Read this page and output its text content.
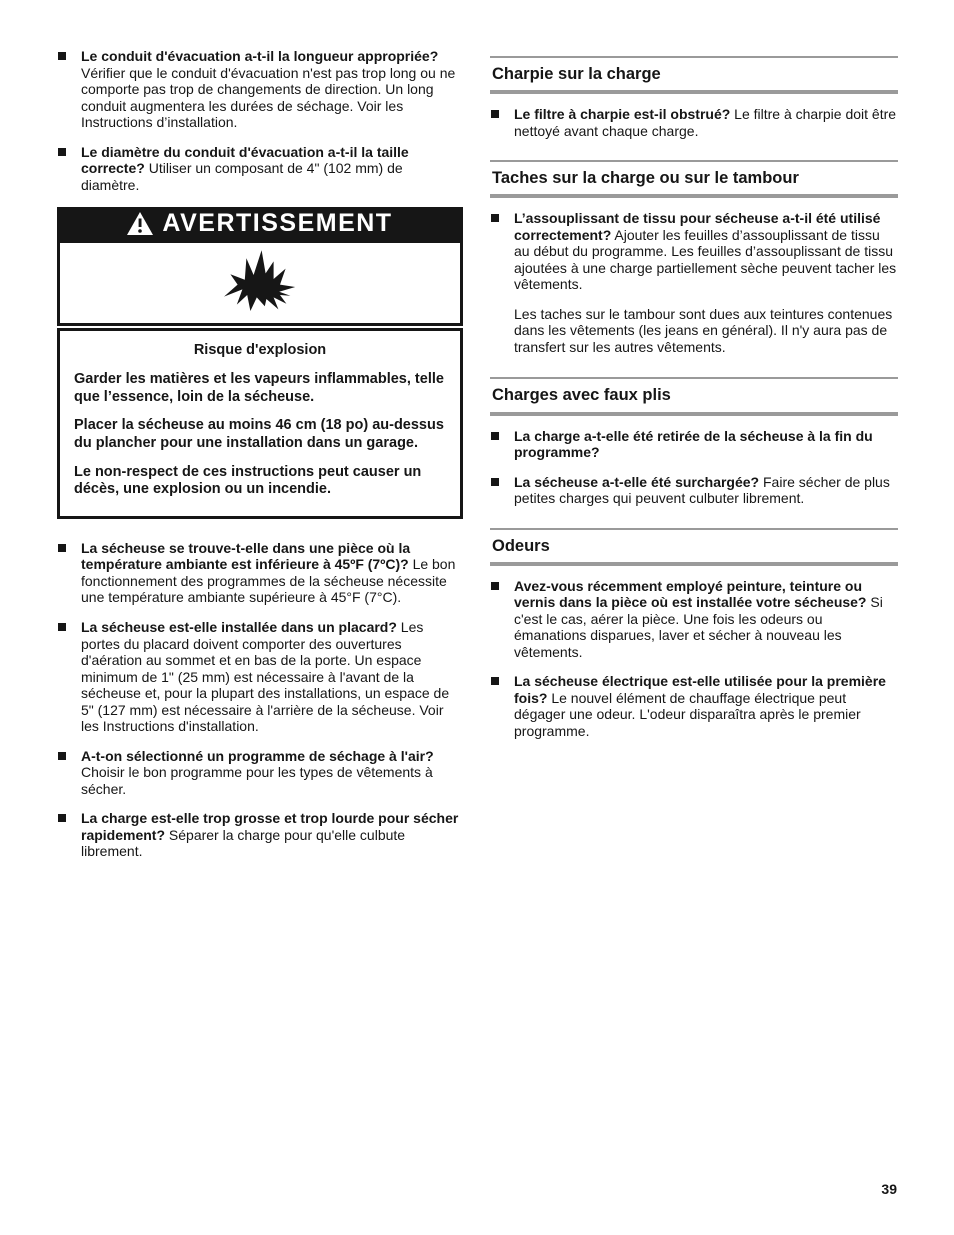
Le conduit d'évacuation a-t-il la longueur appropriée? Vérifier que le conduit d'évacuation n'est pas trop long ou ne comporte pas trop de changements de direction. Un long conduit augmentera les durées de séchage. Voir les Instructions d’installation.

Le diamètre du conduit d'évacuation a-t-il la taille correcte? Utiliser un composant de 4" (102 mm) de diamètre.

AVERTISSEMENT

Risque d'explosion

Garder les matières et les vapeurs inflammables, telle que l’essence, loin de la sécheuse.

Placer la sécheuse au moins 46 cm (18 po) au-dessus du plancher pour une installation dans un garage.

Le non-respect de ces instructions peut causer un décès, une explosion ou un incendie.

La sécheuse se trouve-t-elle dans une pièce où la température ambiante est inférieure à 45ºF (7ºC)? Le bon fonctionnement des programmes de la sécheuse nécessite une température ambiante supérieure à 45°F (7°C).

La sécheuse est-elle installée dans un placard? Les portes du placard doivent comporter des ouvertures d'aération au sommet et en bas de la porte. Un espace minimum de 1" (25 mm) est nécessaire à l'avant de la sécheuse et, pour la plupart des installations, un espace de 5" (127 mm) est nécessaire à l'arrière de la sécheuse. Voir les Instructions d'installation.

A-t-on sélectionné un programme de séchage à l'air? Choisir le bon programme pour les types de vêtements à sécher.

La charge est-elle trop grosse et trop lourde pour sécher rapidement? Séparer la charge pour qu'elle culbute librement.

Charpie sur la charge

Le filtre à charpie est-il obstrué? Le filtre à charpie doit être nettoyé avant chaque charge.

Taches sur la charge ou sur le tambour

L’assouplissant de tissu pour sécheuse a-t-il été utilisé correctement? Ajouter les feuilles d’assouplissant de tissu au début du programme. Les feuilles d’assouplissant de tissu ajoutées à une charge partiellement sèche peuvent tacher les vêtements.

Les taches sur le tambour sont dues aux teintures contenues dans les vêtements (les jeans en général). Il n'y aura pas de transfert sur les autres vêtements.

Charges avec faux plis

La charge a-t-elle été retirée de la sécheuse à la fin du programme?

La sécheuse a-t-elle été surchargée? Faire sécher de plus petites charges qui peuvent culbuter librement.

Odeurs

Avez-vous récemment employé peinture, teinture ou vernis dans la pièce où est installée votre sécheuse? Si c'est le cas, aérer la pièce. Une fois les odeurs ou émanations disparues, laver et sécher à nouveau les vêtements.

La sécheuse électrique est-elle utilisée pour la première fois? Le nouvel élément de chauffage électrique peut dégager une odeur. L'odeur disparaîtra après le premier programme.

39
